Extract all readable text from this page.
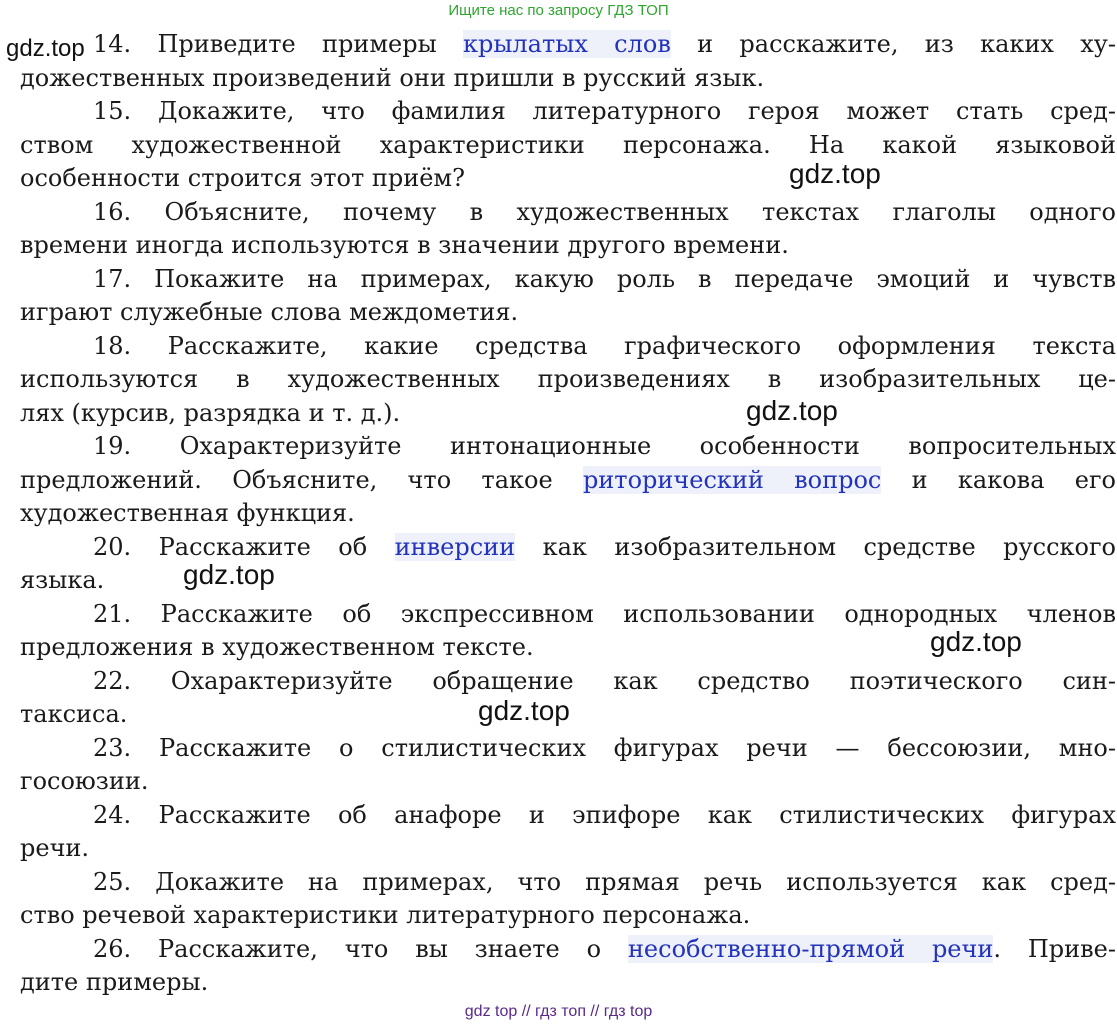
Ищите нас по запросу ГДЗ ТОП
14. Приведите примеры крылатых слов и расскажите, из каких ху-
дожественных произведений они пришли в русский язык.
15. Докажите, что фамилия литературного героя может стать сред-
ством художественной характеристики персонажа. На какой языковой
особенности строится этот приём?
16. Объясните, почему в художественных текстах глаголы одного
времени иногда используются в значении другого времени.
17. Покажите на примерах, какую роль в передаче эмоций и чувств
играют служебные слова междометия.
18. Расскажите, какие средства графического оформления текста
используются в художественных произведениях в изобразительных це-
лях (курсив, разрядка и т. д.).
19. Охарактеризуйте интонационные особенности вопросительных
предложений. Объясните, что такое риторический вопрос и какова его
художественная функция.
20. Расскажите об инверсии как изобразительном средстве русского
языка.
21. Расскажите об экспрессивном использовании однородных членов
предложения в художественном тексте.
22. Охарактеризуйте обращение как средство поэтического син-
таксиса.
23. Расскажите о стилистических фигурах речи — бессоюзии, мно-
госоюзии.
24. Расскажите об анафоре и эпифоре как стилистических фигурах
речи.
25. Докажите на примерах, что прямая речь используется как сред-
ство речевой характеристики литературного персонажа.
26. Расскажите, что вы знаете о несобственно-прямой речи. Приве-
дите примеры.
gdz.top
gdz.top
gdz.top
gdz.top
gdz.top
gdz.top
gdz top // гдз топ // гдз top
